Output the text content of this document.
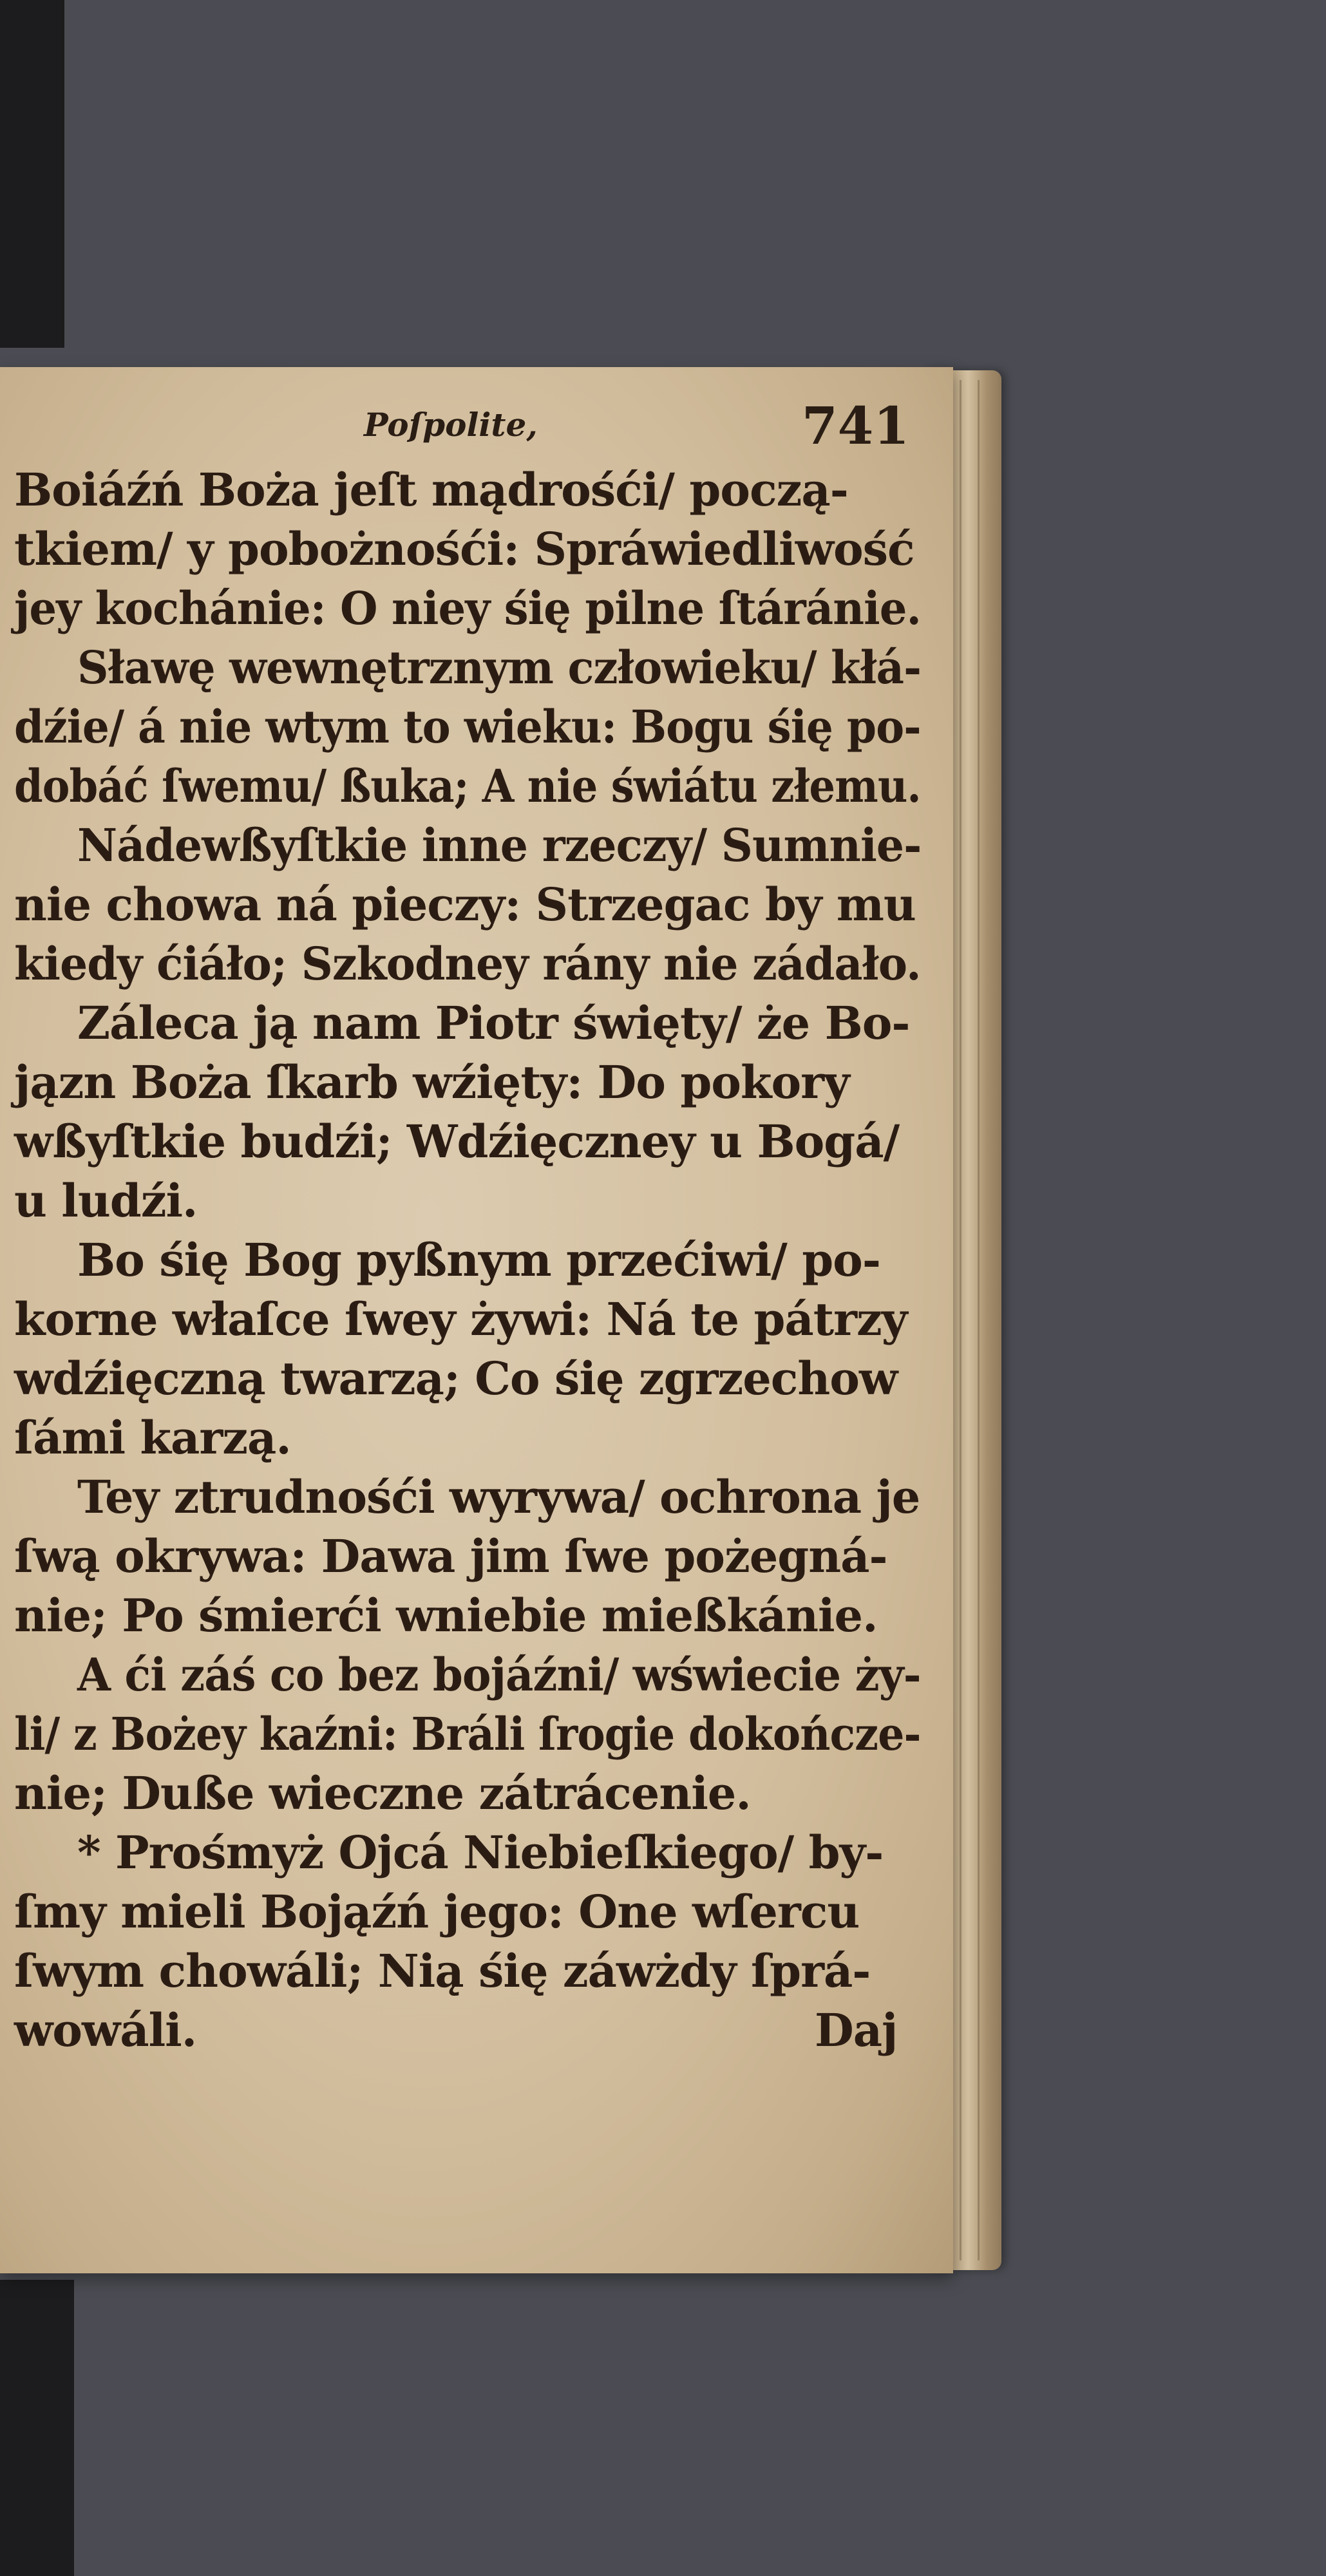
Poſpolite,	741
Boiáźń Boża jeſt mądrośći/ począ-
tkiem/ y pobożnośći: Spráwiedliwość
jey kochánie: O niey śię pilne ſtáránie.
Sławę wewnętrznym człowieku/ kłá-
dźie/ á nie wtym to wieku: Bogu śię po-
dobáć ſwemu/ ßuka; A nie świátu złemu.
Nádewßyſtkie inne rzeczy/ Sumnie-
nie chowa ná pieczy: Strzegac by mu
kiedy ćiáło; Szkodney rány nie zádało.
Záleca ją nam Piotr święty/ że Bo-
jązn Boża ſkarb wźięty: Do pokory
wßyſtkie budźi; Wdźięczney u Bogá/
u ludźi.
Bo śię Bog pyßnym przećiwi/ po-
korne właſce ſwey żywi: Ná te pátrzy
wdźięczną twarzą; Co śię zgrzechow
ſámi karzą.
Tey ztrudnośći wyrywa/ ochrona je
ſwą okrywa: Dawa jim ſwe pożegná-
nie; Po śmierći wniebie mießkánie.
A ći záś co bez bojáźni/ wświecie ży-
li/ z Bożey kaźni: Bráli ſrogie dokończe-
nie; Duße wieczne zátrácenie.
* Prośmyż Ojcá Niebieſkiego/ by-
ſmy mieli Bojąźń jego: One wſercu
ſwym chowáli; Nią śię záwżdy ſprá-
wowáli.	Daj
